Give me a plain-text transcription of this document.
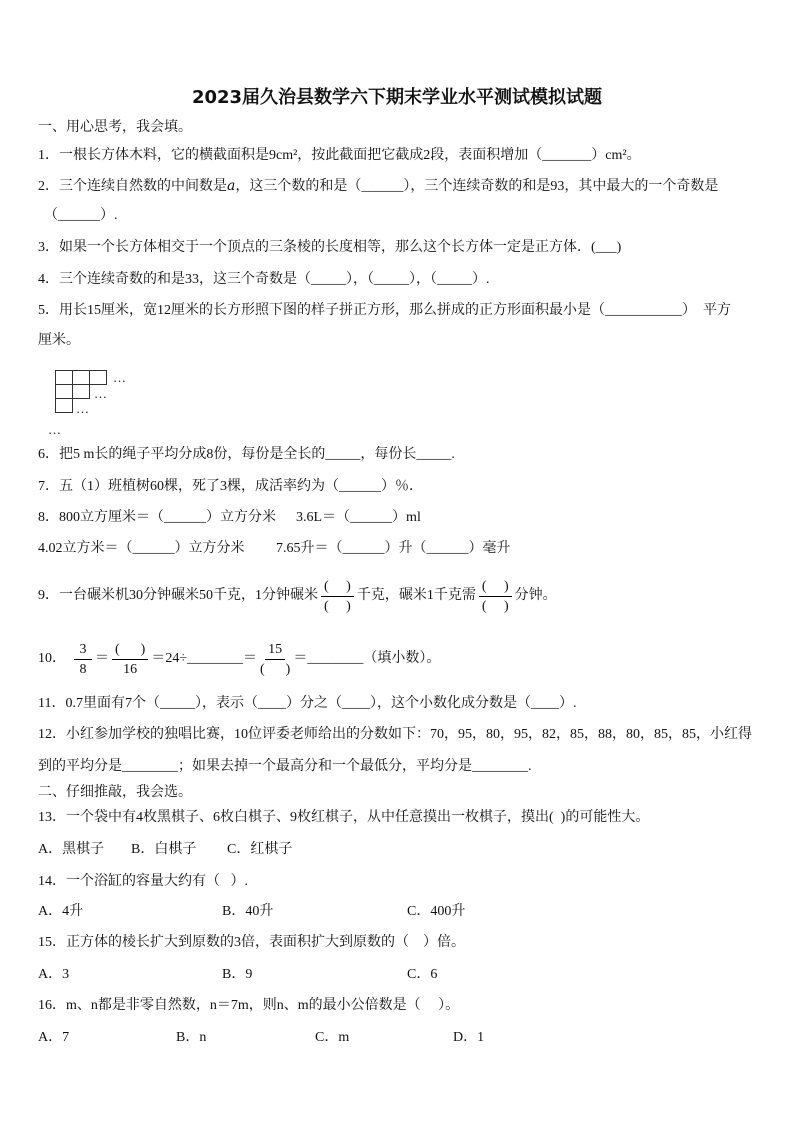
2023届久治县数学六下期末学业水平测试模拟试题
一、用心思考，我会填。
1．一根长方体木料，它的横截面积是9cm²，按此截面把它截成2段，表面积增加（_______）cm²。
2．三个连续自然数的中间数是a，这三个数的和是（______），三个连续奇数的和是93，其中最大的一个奇数是
（______）.
3．如果一个长方体相交于一个顶点的三条棱的长度相等，那么这个长方体一定是正方体．(___)
4．三个连续奇数的和是33，这三个奇数是（_____），（_____），（_____）.
5．用长15厘米，宽12厘米的长方形照下图的样子拼正方形，那么拼成的正方形面积最小是（___________）  平方
厘米。
…
…
…
…
6．把5 m长的绳子平均分成8份，每份是全长的_____，每份长_____.
7．五（1）班植树60棵，死了3棵，成活率约为（______）％．
8．800立方厘米＝（______）立方分米 3.6L＝（______）ml
4.02立方米＝（______）立方分米 7.65升＝（______）升（______）毫升
9．一台碾米机30分钟碾米50千克，1分钟碾米 $\frac{( )}{( )}$ 千克，碾米1千克需 $\frac{( )}{( )}$ 分钟。
10． $\frac{3}{8} = \frac{( )}{16}$ ＝24÷________＝ $\frac{15}{( )}$ ＝________（填小数）。
11．0.7里面有7个（_____），表示（____）分之（____），这个小数化成分数是（____）.
12．小红参加学校的独唱比赛，10位评委老师给出的分数如下：70，95，80，95，82，85，88，80，85，85，小红得
到的平均分是________；如果去掉一个最高分和一个最低分，平均分是________.
二、仔细推敲，我会选。
13．一个袋中有4枚黑棋子、6枚白棋子、9枚红棋子，从中任意摸出一枚棋子，摸出(  )的可能性大。
A．黑棋子 B．白棋子 C．红棋子
14．一个浴缸的容量大约有（   ）.
A．4升	B．40升	C．400升
15．正方体的棱长扩大到原数的3倍，表面积扩大到原数的（    ）倍。
A．3	B．9	C．6
16．m、n都是非零自然数，n＝7m，则n、m的最小公倍数是（     ）。
A．7	B．n	C．m	D．1
